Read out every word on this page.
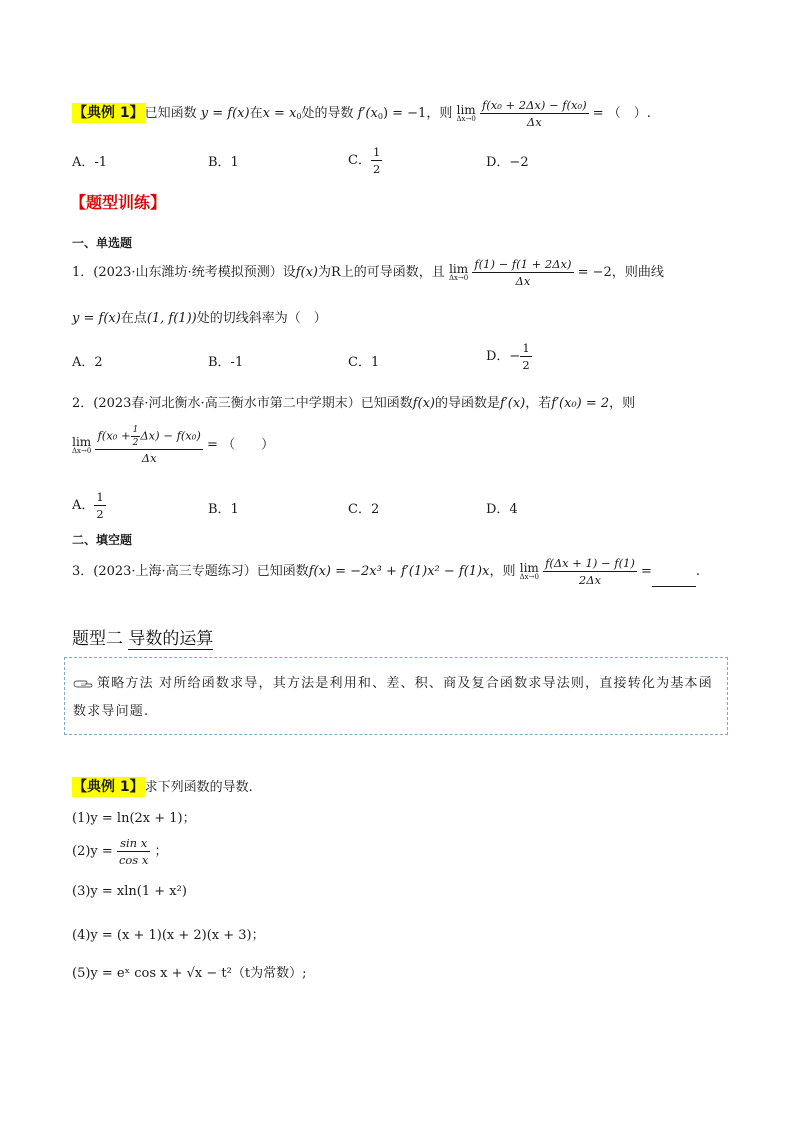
【典例 1】已知函数 y = f(x)在$x = x_0$处的导数 $f'(x_0) = -1$，则 lim
Δx→0
$\frac{\text{f(x₀ + 2Δx) − f(x₀)}}{\Delta x}$ = （　）.
A．-1	B．1	C． $\frac{1}{2}$	D．−2
【题型训练】
一、单选题
1．(2023·山东潍坊·统考模拟预测）设f(x)为R上的可导函数，且 lim
Δx→0
$\frac{f(1) - f(1 + 2\Delta x)}{\Delta x} = -2$，则曲线
y = f(x)在点(1, f(1))处的切线斜率为（　）
A．2	B．-1	C．1	D．− $\frac{1}{2}$
2．(2023春·河北衡水·高三衡水市第二中学期末）已知函数f(x)的导函数是f′(x)，若f′(x₀) = 2，则
lim
Δx→0
$\frac{f(x_0 + \frac{1}{2} \Delta x) - f(x_0)}{\Delta x}$ = （　　）
A． $\frac{1}{2}$	B．1	C．2	D．4
二、填空题
3．(2023·上海·高三专题练习）已知函数f(x) = −2x³ + f′(1)x² − f(1)x，则 lim
Δx→0
$\frac{f(\Delta x + 1) - f(1)}{2\Delta x}$ =	.
题型二 导数的运算
策略方法 对所给函数求导，其方法是利用和、差、积、商及复合函数求导法则，直接转化为基本函数求导问题.
【典例 1】求下列函数的导数.
(1)y = ln(2x + 1)；
$(2)y = \frac{\text{sin x}}{\text{cos x}}$ ；
(3)y = xln(1 + x²)
(4)y = (x + 1)(x + 2)(x + 3)；
(5)y = eˣ cos x + √x − t²（t为常数）;
